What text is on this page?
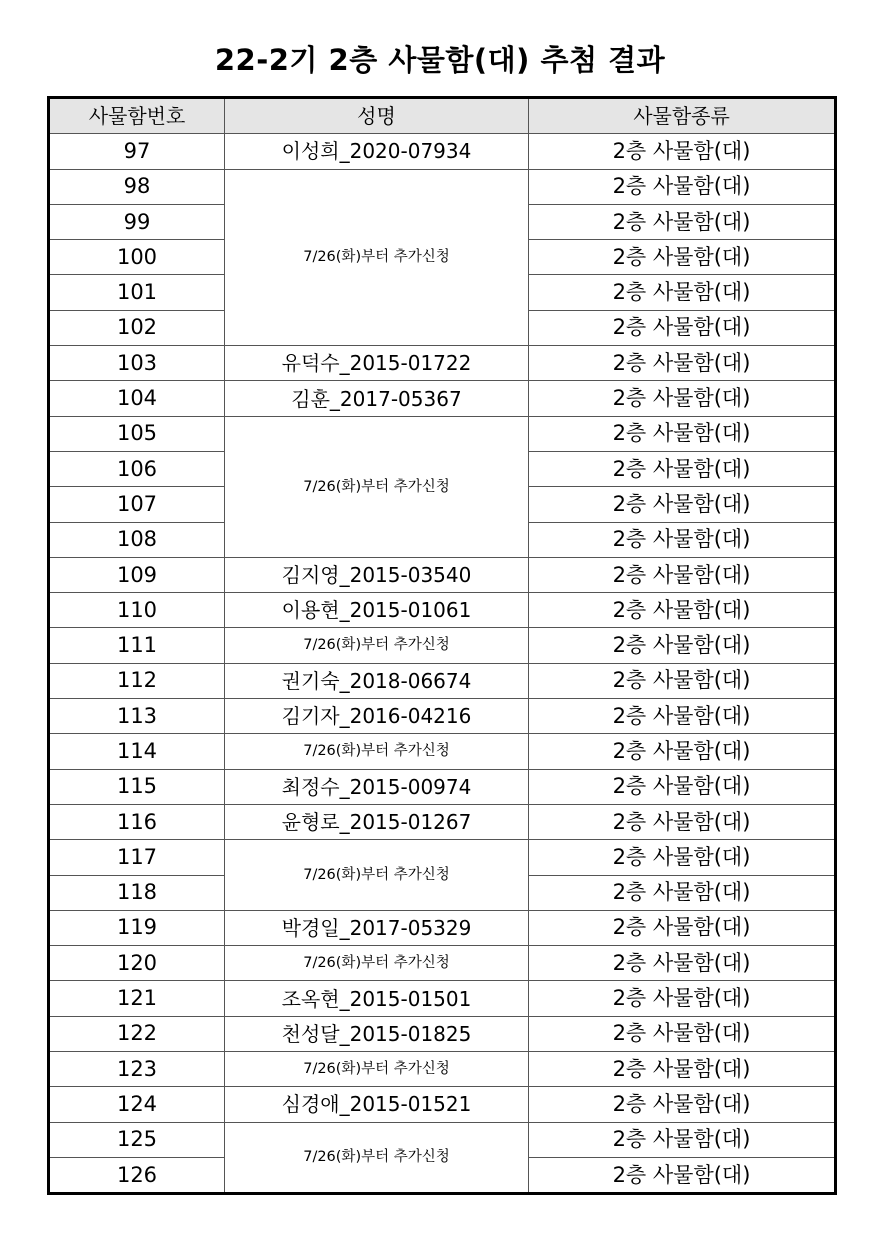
22-2기 2층 사물함(대) 추첨 결과
사물함번호	성명	사물함종류
97	이성희_2020-07934	2층 사물함(대)
98	7/26(화)부터 추가신청	2층 사물함(대)
99		2층 사물함(대)
100		2층 사물함(대)
101		2층 사물함(대)
102		2층 사물함(대)
103	유덕수_2015-01722	2층 사물함(대)
104	김훈_2017-05367	2층 사물함(대)
105	7/26(화)부터 추가신청	2층 사물함(대)
106		2층 사물함(대)
107		2층 사물함(대)
108		2층 사물함(대)
109	김지영_2015-03540	2층 사물함(대)
110	이용현_2015-01061	2층 사물함(대)
111	7/26(화)부터 추가신청	2층 사물함(대)
112	권기숙_2018-06674	2층 사물함(대)
113	김기자_2016-04216	2층 사물함(대)
114	7/26(화)부터 추가신청	2층 사물함(대)
115	최정수_2015-00974	2층 사물함(대)
116	윤형로_2015-01267	2층 사물함(대)
117	7/26(화)부터 추가신청	2층 사물함(대)
118		2층 사물함(대)
119	박경일_2017-05329	2층 사물함(대)
120	7/26(화)부터 추가신청	2층 사물함(대)
121	조옥현_2015-01501	2층 사물함(대)
122	천성달_2015-01825	2층 사물함(대)
123	7/26(화)부터 추가신청	2층 사물함(대)
124	심경애_2015-01521	2층 사물함(대)
125	7/26(화)부터 추가신청	2층 사물함(대)
126		2층 사물함(대)
